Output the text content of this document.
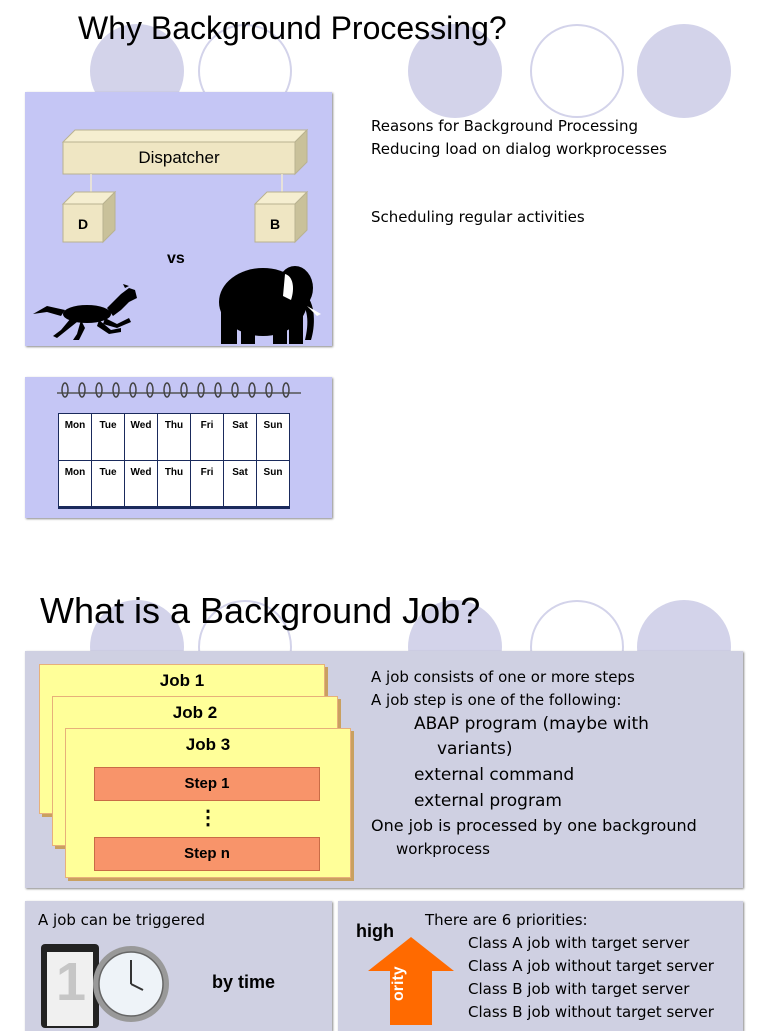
Why Background Processing?
Dispatcher
D	B
vs
Reasons for Background Processing
Reducing load on dialog workprocesses
Scheduling regular activities
Mon	Tue	Wed	Thu	Fri	Sat	Sun
Mon	Tue	Wed	Thu	Fri	Sat	Sun
What is a Background Job?
Job 1
Job 2
Job 3
Step 1
⋮
Step n
A job consists of one or more steps
A job step is one of the following:
ABAP program (maybe with
variants)
external command
external program
One job is processed by one background
workprocess
A job can be triggered
1	by time
high
ority
There are 6 priorities:
Class A job with target server
Class A job without target server
Class B job with target server
Class B job without target server
